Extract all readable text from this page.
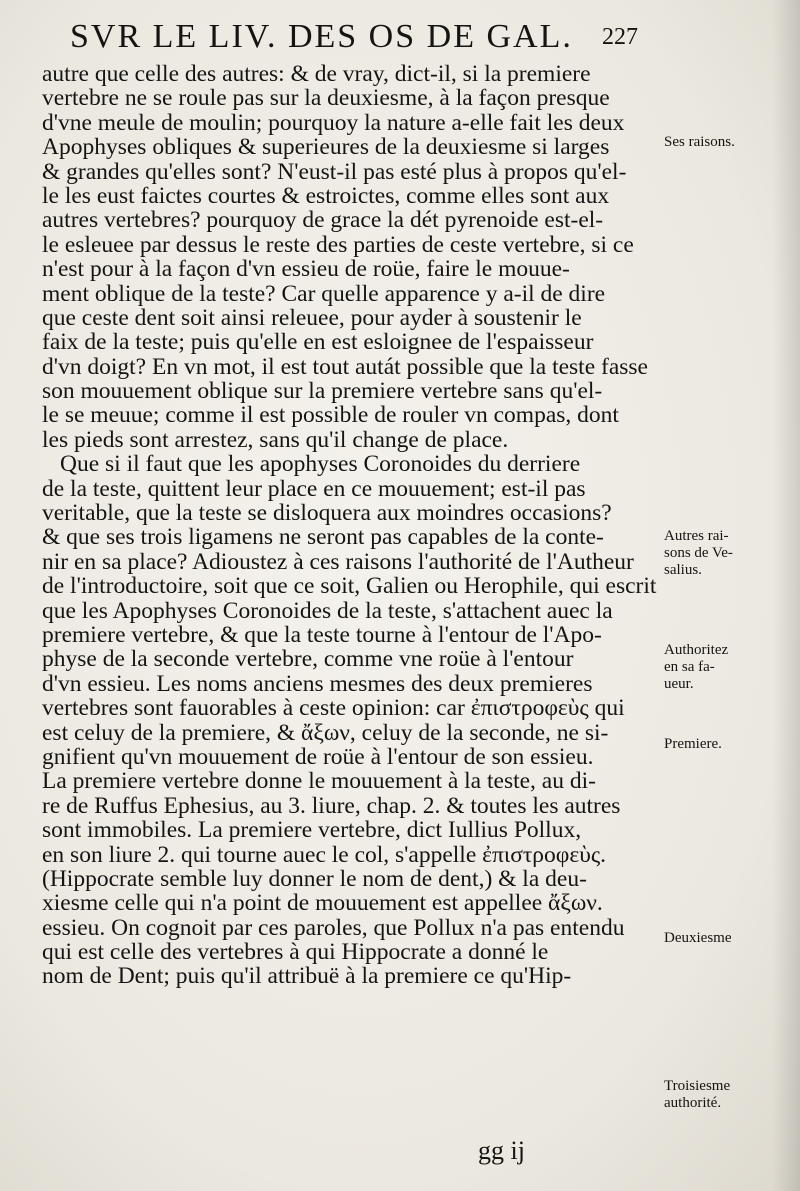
SVR LE LIV. DES OS DE GAL.	227
autre que celle des autres: & de vray, dict-il, si la premiere
vertebre ne se roule pas sur la deuxiesme, à la façon presque
d'vne meule de moulin; pourquoy la nature a-elle fait les deux
Apophyses obliques & superieures de la deuxiesme si larges
& grandes qu'elles sont? N'eust-il pas esté plus à propos qu'el-
le les eust faictes courtes & estroictes, comme elles sont aux
autres vertebres? pourquoy de grace la dét pyrenoide est-el-
le esleuee par dessus le reste des parties de ceste vertebre, si ce
n'est pour à la façon d'vn essieu de roüe, faire le mouue-
ment oblique de la teste? Car quelle apparence y a-il de dire
que ceste dent soit ainsi releuee, pour ayder à soustenir le
faix de la teste; puis qu'elle en est esloignee de l'espaisseur
d'vn doigt? En vn mot, il est tout autát possible que la teste fasse
son mouuement oblique sur la premiere vertebre sans qu'el-
le se meuue; comme il est possible de rouler vn compas, dont
les pieds sont arrestez, sans qu'il change de place.
Que si il faut que les apophyses Coronoides du derriere
de la teste, quittent leur place en ce mouuement; est-il pas
veritable, que la teste se disloquera aux moindres occasions?
& que ses trois ligamens ne seront pas capables de la conte-
nir en sa place? Adioustez à ces raisons l'authorité de l'Autheur
de l'introductoire, soit que ce soit, Galien ou Herophile, qui escrit
que les Apophyses Coronoides de la teste, s'attachent auec la
premiere vertebre, & que la teste tourne à l'entour de l'Apo-
physe de la seconde vertebre, comme vne roüe à l'entour
d'vn essieu. Les noms anciens mesmes des deux premieres
vertebres sont fauorables à ceste opinion: car ἐπιστροφεὺς qui
est celuy de la premiere, & ἄξων, celuy de la seconde, ne si-
gnifient qu'vn mouuement de roüe à l'entour de son essieu.
La premiere vertebre donne le mouuement à la teste, au di-
re de Ruffus Ephesius, au 3. liure, chap. 2. & toutes les autres
sont immobiles. La premiere vertebre, dict Iullius Pollux,
en son liure 2. qui tourne auec le col, s'appelle ἐπιστροφεὺς.
(Hippocrate semble luy donner le nom de dent,) & la deu-
xiesme celle qui n'a point de mouuement est appellee ἄξων.
essieu. On cognoit par ces paroles, que Pollux n'a pas entendu
qui est celle des vertebres à qui Hippocrate a donné le
nom de Dent; puis qu'il attribuë à la premiere ce qu'Hip-
Ses raisons.
Autres rai-
sons de Ve-
salius.
Authoritez
en sa fa-
ueur.
Premiere.
Deuxiesme
Troisiesme
authorité.
gg ij
